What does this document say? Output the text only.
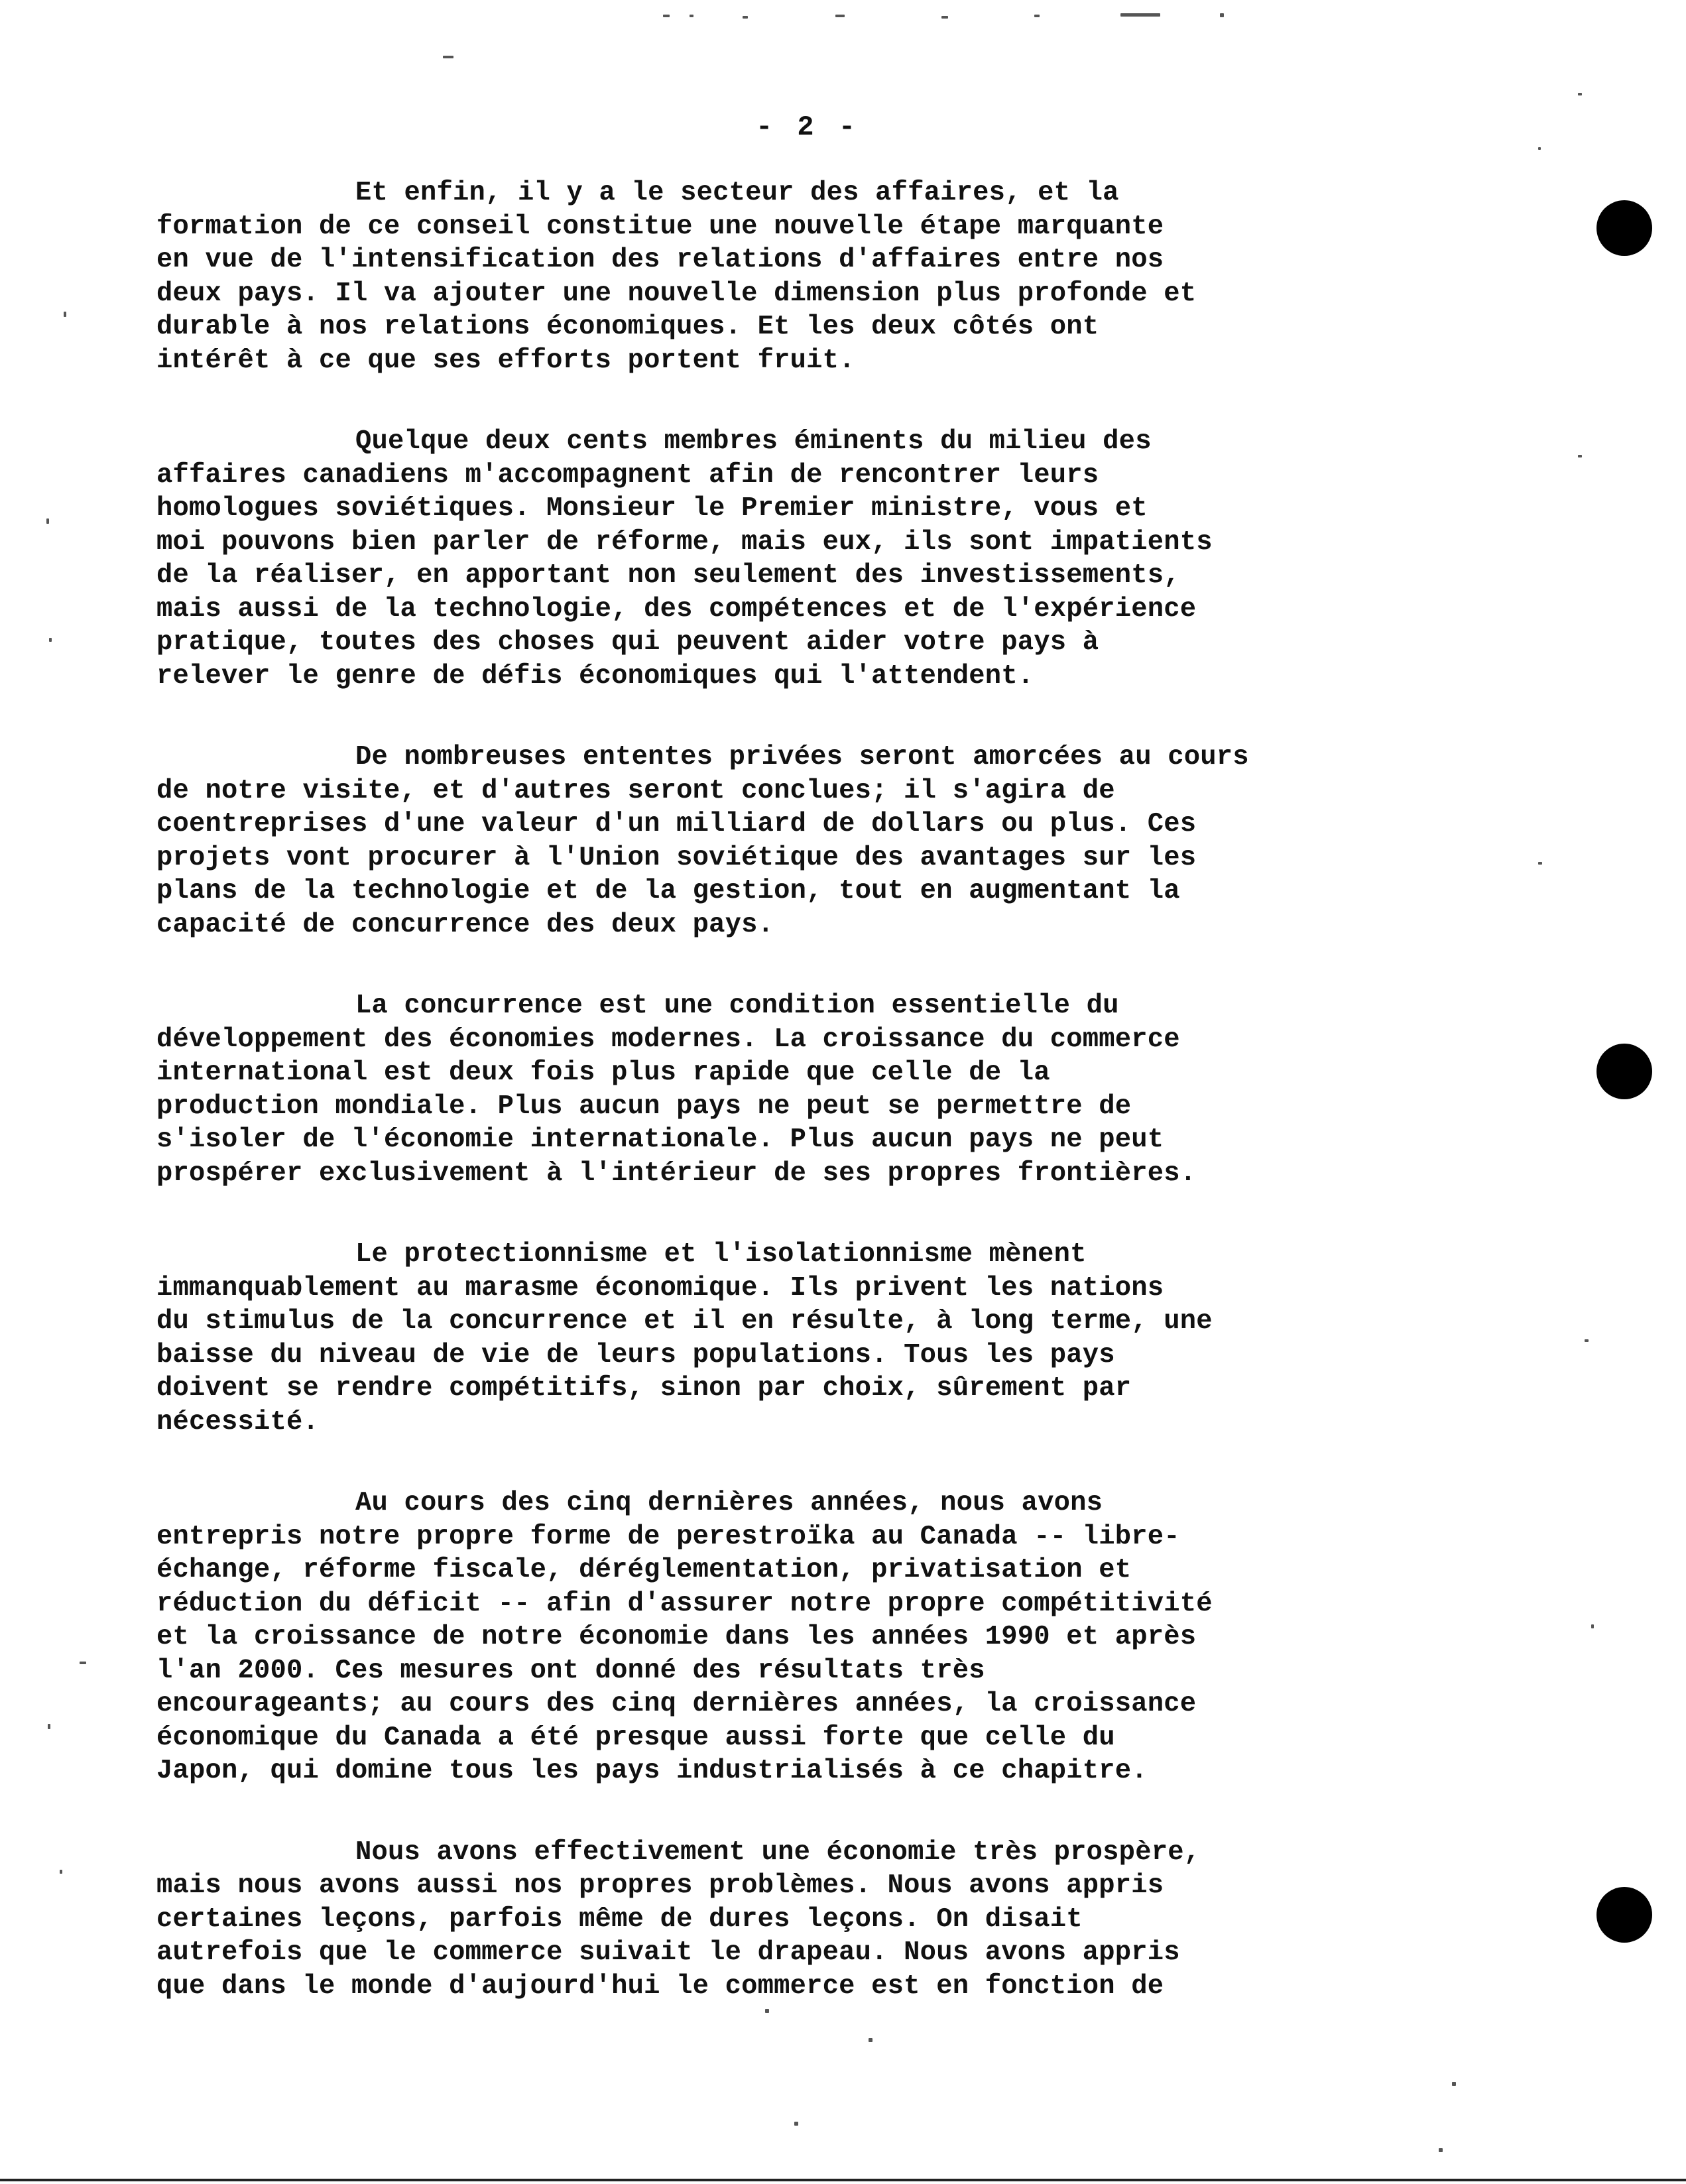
- 2 -

Et enfin, il y a le secteur des affaires, et la
formation de ce conseil constitue une nouvelle étape marquante
en vue de l'intensification des relations d'affaires entre nos
deux pays. Il va ajouter une nouvelle dimension plus profonde et
durable à nos relations économiques. Et les deux côtés ont
intérêt à ce que ses efforts portent fruit.

Quelque deux cents membres éminents du milieu des
affaires canadiens m'accompagnent afin de rencontrer leurs
homologues soviétiques. Monsieur le Premier ministre, vous et
moi pouvons bien parler de réforme, mais eux, ils sont impatients
de la réaliser, en apportant non seulement des investissements,
mais aussi de la technologie, des compétences et de l'expérience
pratique, toutes des choses qui peuvent aider votre pays à
relever le genre de défis économiques qui l'attendent.

De nombreuses ententes privées seront amorcées au cours
de notre visite, et d'autres seront conclues; il s'agira de
coentreprises d'une valeur d'un milliard de dollars ou plus. Ces
projets vont procurer à l'Union soviétique des avantages sur les
plans de la technologie et de la gestion, tout en augmentant la
capacité de concurrence des deux pays.

La concurrence est une condition essentielle du
développement des économies modernes. La croissance du commerce
international est deux fois plus rapide que celle de la
production mondiale. Plus aucun pays ne peut se permettre de
s'isoler de l'économie internationale. Plus aucun pays ne peut
prospérer exclusivement à l'intérieur de ses propres frontières.

Le protectionnisme et l'isolationnisme mènent
immanquablement au marasme économique. Ils privent les nations
du stimulus de la concurrence et il en résulte, à long terme, une
baisse du niveau de vie de leurs populations. Tous les pays
doivent se rendre compétitifs, sinon par choix, sûrement par
nécessité.

Au cours des cinq dernières années, nous avons
entrepris notre propre forme de perestroïka au Canada -- libre-
échange, réforme fiscale, déréglementation, privatisation et
réduction du déficit -- afin d'assurer notre propre compétitivité
et la croissance de notre économie dans les années 1990 et après
l'an 2000. Ces mesures ont donné des résultats très
encourageants; au cours des cinq dernières années, la croissance
économique du Canada a été presque aussi forte que celle du
Japon, qui domine tous les pays industrialisés à ce chapitre.

Nous avons effectivement une économie très prospère,
mais nous avons aussi nos propres problèmes. Nous avons appris
certaines leçons, parfois même de dures leçons. On disait
autrefois que le commerce suivait le drapeau. Nous avons appris
que dans le monde d'aujourd'hui le commerce est en fonction de
